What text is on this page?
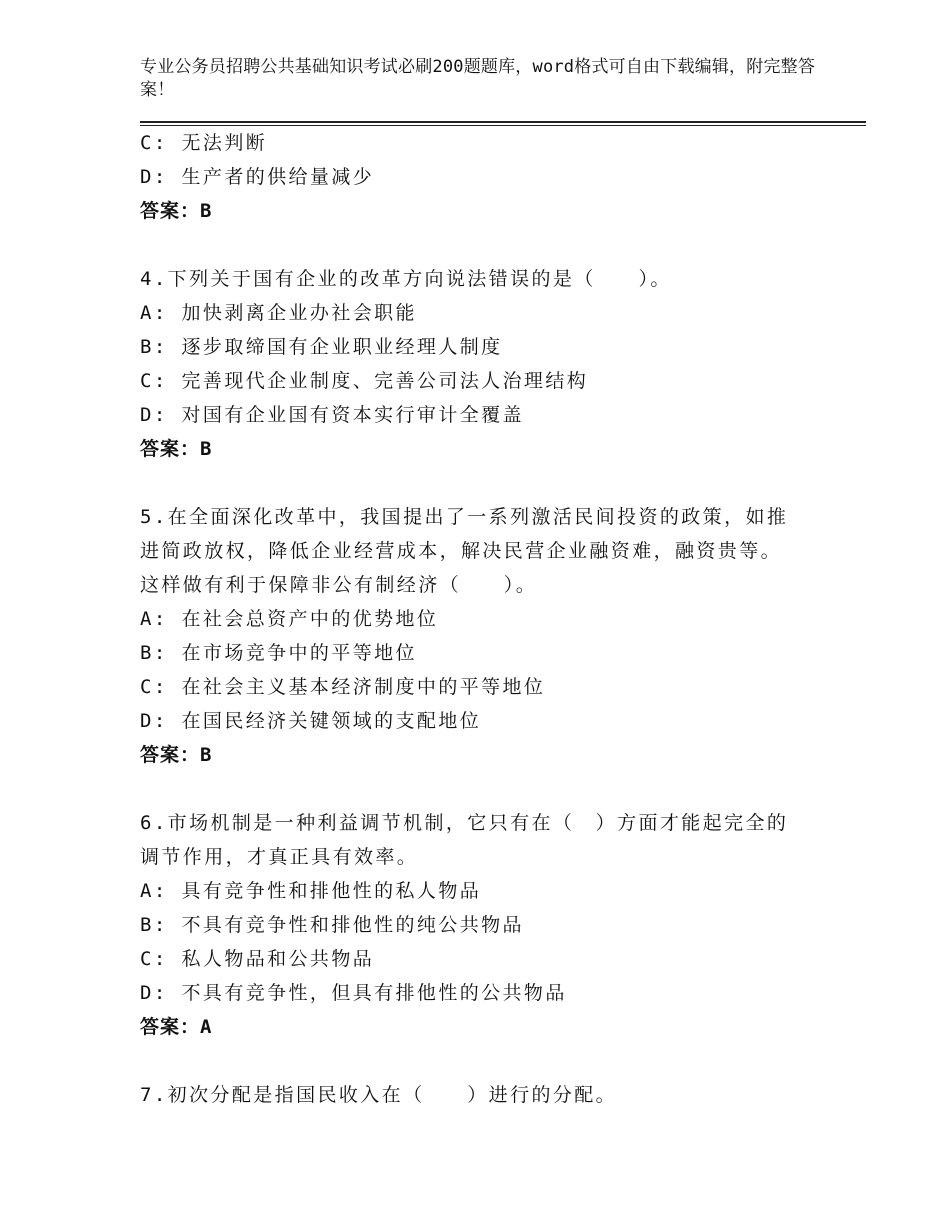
专业公务员招聘公共基础知识考试必刷200题题库，word格式可自由下载编辑，附完整答案！
C: 无法判断
D: 生产者的供给量减少
答案：B
4.下列关于国有企业的改革方向说法错误的是（　　）。
A: 加快剥离企业办社会职能
B: 逐步取缔国有企业职业经理人制度
C: 完善现代企业制度、完善公司法人治理结构
D: 对国有企业国有资本实行审计全覆盖
答案：B
5.在全面深化改革中，我国提出了一系列激活民间投资的政策，如推
进简政放权，降低企业经营成本，解决民营企业融资难，融资贵等。
这样做有利于保障非公有制经济（　　）。
A: 在社会总资产中的优势地位
B: 在市场竞争中的平等地位
C: 在社会主义基本经济制度中的平等地位
D: 在国民经济关键领域的支配地位
答案：B
6.市场机制是一种利益调节机制，它只有在（　）方面才能起完全的
调节作用，才真正具有效率。
A: 具有竞争性和排他性的私人物品
B: 不具有竞争性和排他性的纯公共物品
C: 私人物品和公共物品
D: 不具有竞争性，但具有排他性的公共物品
答案：A
7.初次分配是指国民收入在（　　）进行的分配。
